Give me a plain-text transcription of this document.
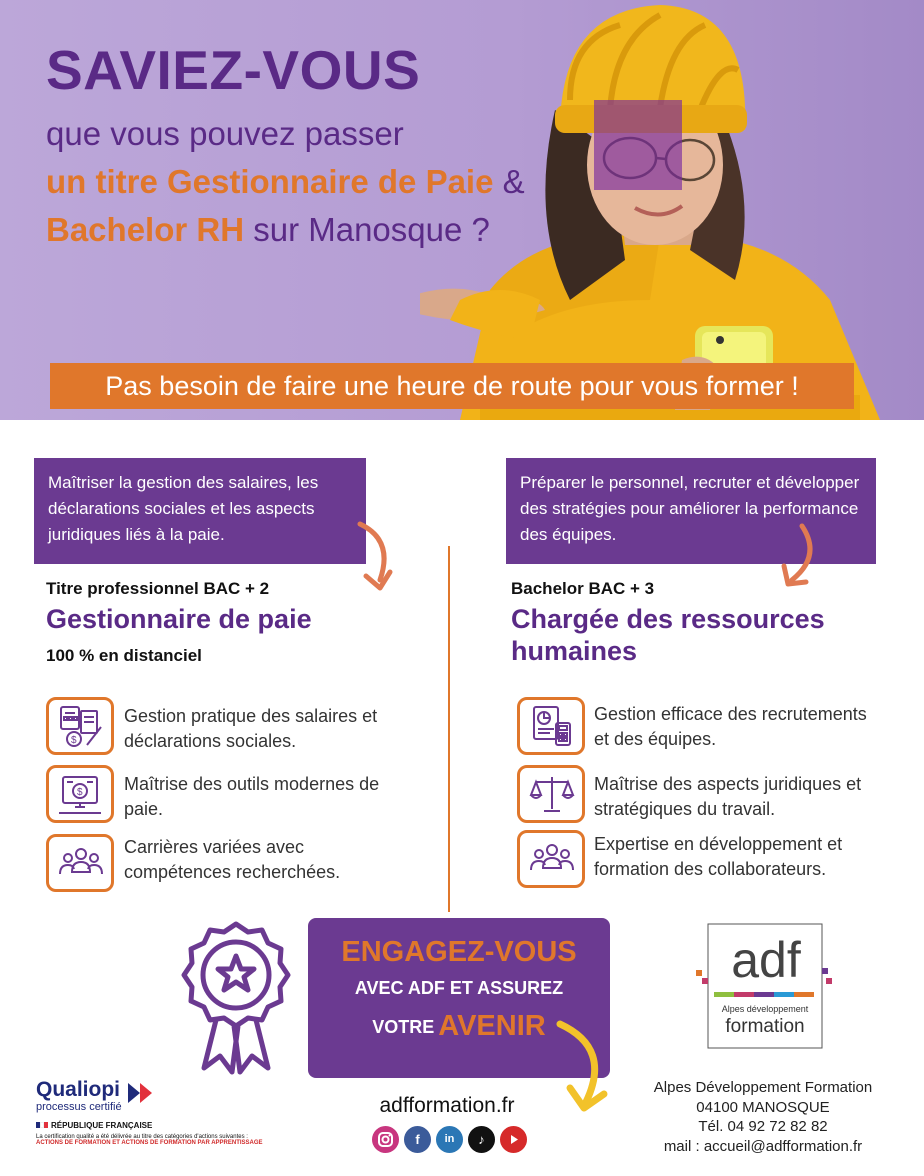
SAVIEZ-VOUS
que vous pouvez passer
un titre Gestionnaire de Paie &
Bachelor RH sur Manosque ?
Pas besoin de faire une heure de route pour vous former !
Maîtriser la gestion des salaires, les déclarations sociales et les aspects juridiques liés à la paie.
Titre professionnel BAC + 2
Gestionnaire de paie
100 % en distanciel
$
Gestion pratique des salaires et déclarations sociales.
$ Maîtrise des outils modernes de paie.
Carrières variées avec compétences recherchées.
Préparer le personnel, recruter et développer des stratégies pour améliorer la performance des équipes.
Bachelor BAC + 3
Chargée des ressources humaines
Gestion efficace des recrutements et des équipes.
Maîtrise des aspects juridiques et stratégiques du travail.
Expertise en développement et formation des collaborateurs.
ENGAGEZ-VOUS
AVEC ADF ET ASSUREZ
VOTRE AVENIR
adf
Alpes développement
formation
Qualiopi
processus certifié
RÉPUBLIQUE FRANÇAISE
La certification qualité a été délivrée au titre des catégories d'actions suivantes :
ACTIONS DE FORMATION ET ACTIONS DE FORMATION PAR APPRENTISSAGE
adfformation.fr
f	in	♪
Alpes Développement Formation
04100 MANOSQUE
Tél. 04 92 72 82 82
mail : accueil@adfformation.fr
